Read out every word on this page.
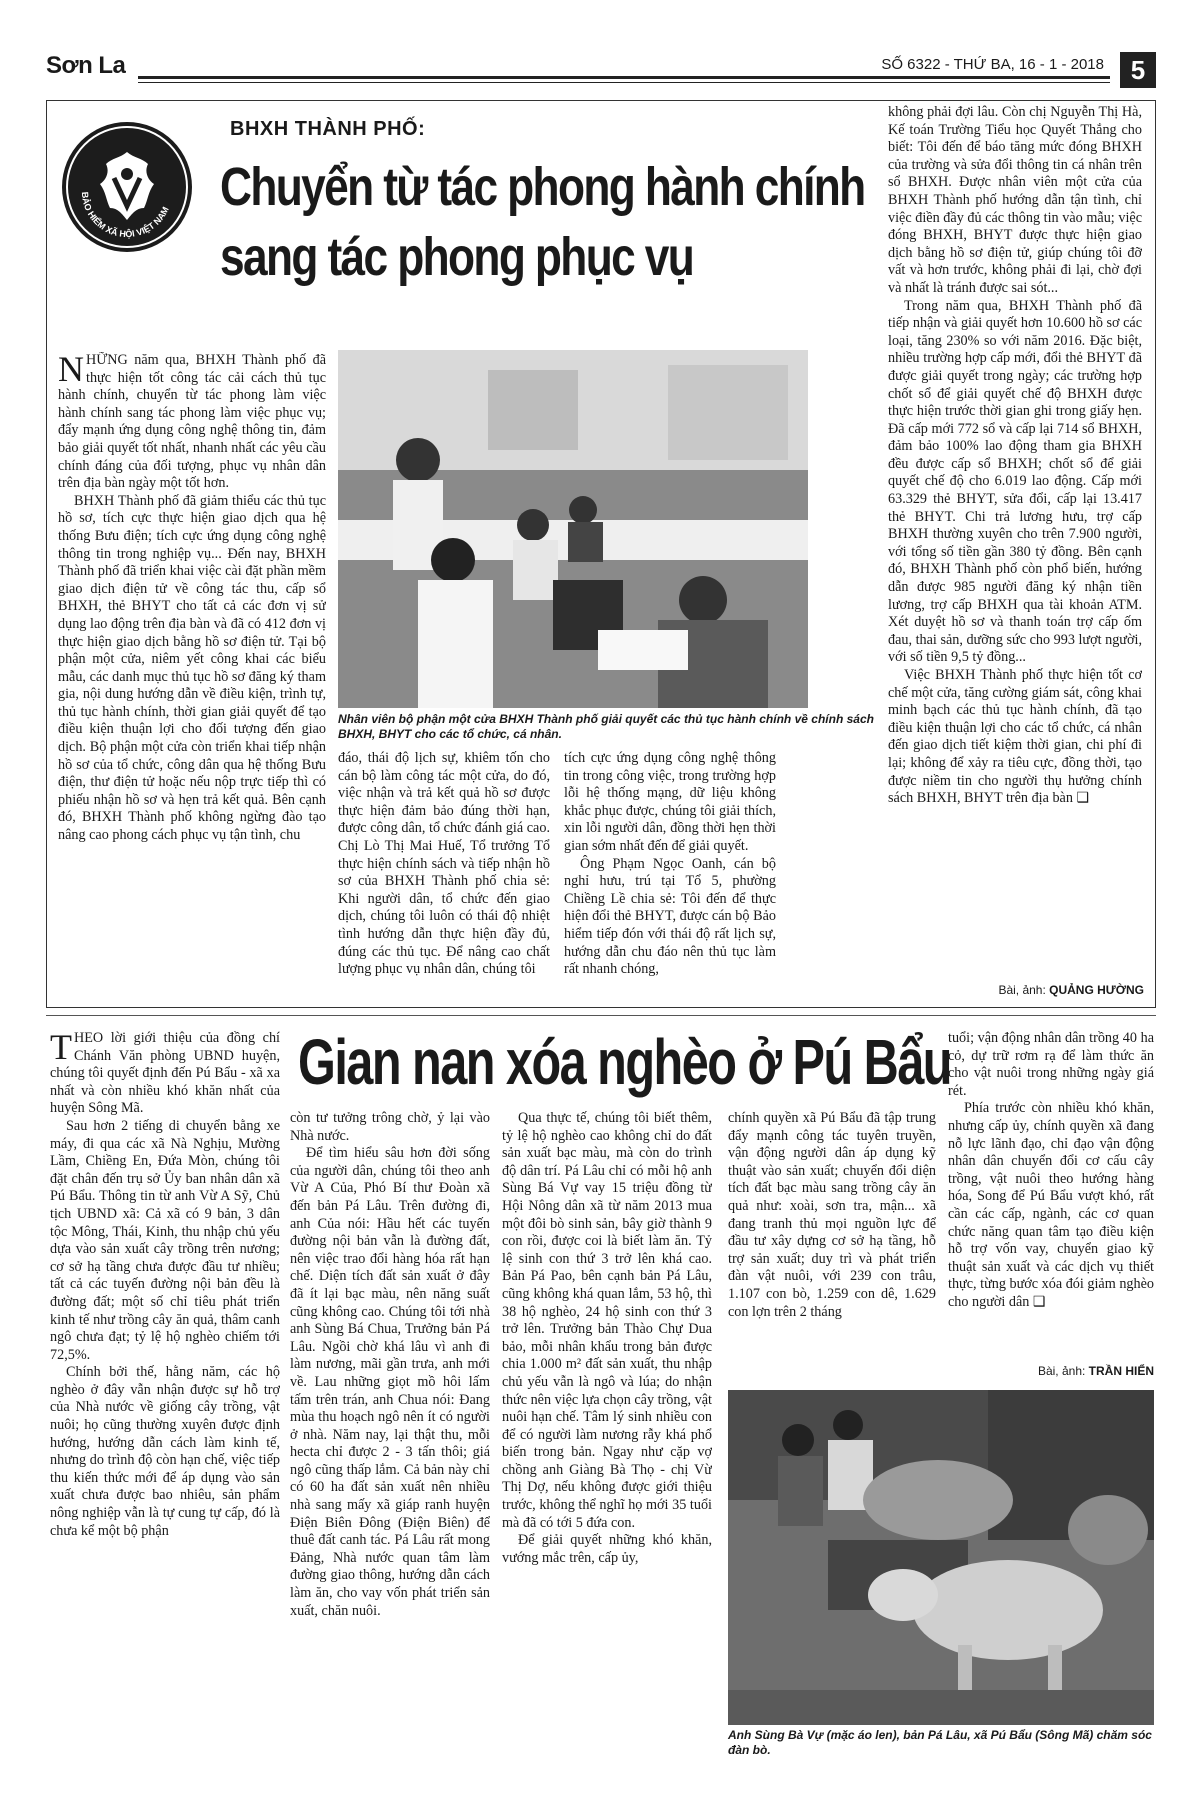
Sơn La	SỐ 6322 - THỨ BA, 16 - 1 - 2018	5
BẢO HIỂM XÃ HỘI VIỆT NAM
BHXH THÀNH PHỐ:
Chuyển từ tác phong hành chính
sang tác phong phục vụ

NHỮNG năm qua, BHXH Thành phố đã thực hiện tốt công tác cải cách thủ tục hành chính, chuyển từ tác phong làm việc hành chính sang tác phong làm việc phục vụ; đẩy mạnh ứng dụng công nghệ thông tin, đảm bảo giải quyết tốt nhất, nhanh nhất các yêu cầu chính đáng của đối tượng, phục vụ nhân dân trên địa bàn ngày một tốt hơn.

BHXH Thành phố đã giảm thiểu các thủ tục hồ sơ, tích cực thực hiện giao dịch qua hệ thống Bưu điện; tích cực ứng dụng công nghệ thông tin trong nghiệp vụ... Đến nay, BHXH Thành phố đã triển khai việc cài đặt phần mềm giao dịch điện tử về công tác thu, cấp sổ BHXH, thẻ BHYT cho tất cả các đơn vị sử dụng lao động trên địa bàn và đã có 412 đơn vị thực hiện giao dịch bằng hồ sơ điện tử. Tại bộ phận một cửa, niêm yết công khai các biểu mẫu, các danh mục thủ tục hồ sơ đăng ký tham gia, nội dung hướng dẫn về điều kiện, trình tự, thủ tục hành chính, thời gian giải quyết để tạo điều kiện thuận lợi cho đối tượng đến giao dịch. Bộ phận một cửa còn triển khai tiếp nhận hồ sơ của tổ chức, công dân qua hệ thống Bưu điện, thư điện tử hoặc nếu nộp trực tiếp thì có phiếu nhận hồ sơ và hẹn trả kết quả. Bên cạnh đó, BHXH Thành phố không ngừng đào tạo nâng cao phong cách phục vụ tận tình, chu

Nhân viên bộ phận một cửa BHXH Thành phố giải quyết các thủ tục hành chính về chính sách BHXH, BHYT cho các tổ chức, cá nhân.

đáo, thái độ lịch sự, khiêm tốn cho cán bộ làm công tác một cửa, do đó, việc nhận và trả kết quả hồ sơ được thực hiện đảm bảo đúng thời hạn, được công dân, tổ chức đánh giá cao. Chị Lò Thị Mai Huế, Tổ trưởng Tổ thực hiện chính sách và tiếp nhận hồ sơ của BHXH Thành phố chia sẻ: Khi người dân, tổ chức đến giao dịch, chúng tôi luôn có thái độ nhiệt tình hướng dẫn thực hiện đầy đủ, đúng các thủ tục. Để nâng cao chất lượng phục vụ nhân dân, chúng tôi

tích cực ứng dụng công nghệ thông tin trong công việc, trong trường hợp lỗi hệ thống mạng, dữ liệu không khắc phục được, chúng tôi giải thích, xin lỗi người dân, đồng thời hẹn thời gian sớm nhất đến để giải quyết.

Ông Phạm Ngọc Oanh, cán bộ nghỉ hưu, trú tại Tổ 5, phường Chiềng Lề chia sẻ: Tôi đến để thực hiện đổi thẻ BHYT, được cán bộ Bảo hiểm tiếp đón với thái độ rất lịch sự, hướng dẫn chu đáo nên thủ tục làm rất nhanh chóng,

không phải đợi lâu. Còn chị Nguyễn Thị Hà, Kế toán Trường Tiểu học Quyết Thắng cho biết: Tôi đến để báo tăng mức đóng BHXH của trường và sửa đổi thông tin cá nhân trên sổ BHXH. Được nhân viên một cửa của BHXH Thành phố hướng dẫn tận tình, chỉ việc điền đầy đủ các thông tin vào mẫu; việc đóng BHXH, BHYT được thực hiện giao dịch bằng hồ sơ điện tử, giúp chúng tôi đỡ vất và hơn trước, không phải đi lại, chờ đợi và nhất là tránh được sai sót...

Trong năm qua, BHXH Thành phố đã tiếp nhận và giải quyết hơn 10.600 hồ sơ các loại, tăng 230% so với năm 2016. Đặc biệt, nhiều trường hợp cấp mới, đổi thẻ BHYT đã được giải quyết trong ngày; các trường hợp chốt sổ để giải quyết chế độ BHXH được thực hiện trước thời gian ghi trong giấy hẹn. Đã cấp mới 772 sổ và cấp lại 714 sổ BHXH, đảm bảo 100% lao động tham gia BHXH đều được cấp sổ BHXH; chốt sổ để giải quyết chế độ cho 6.019 lao động. Cấp mới 63.329 thẻ BHYT, sửa đổi, cấp lại 13.417 thẻ BHYT. Chi trả lương hưu, trợ cấp BHXH thường xuyên cho trên 7.900 người, với tổng số tiền gần 380 tỷ đồng. Bên cạnh đó, BHXH Thành phố còn phổ biến, hướng dẫn được 985 người đăng ký nhận tiền lương, trợ cấp BHXH qua tài khoản ATM. Xét duyệt hồ sơ và thanh toán trợ cấp ốm đau, thai sản, dưỡng sức cho 993 lượt người, với số tiền 9,5 tỷ đồng...

Việc BHXH Thành phố thực hiện tốt cơ chế một cửa, tăng cường giám sát, công khai minh bạch các thủ tục hành chính, đã tạo điều kiện thuận lợi cho các tổ chức, cá nhân đến giao dịch tiết kiệm thời gian, chi phí đi lại; không để xảy ra tiêu cực, đồng thời, tạo được niềm tin cho người thụ hưởng chính sách BHXH, BHYT trên địa bàn ❑

Bài, ảnh: QUẢNG HƯỜNG
Gian nan xóa nghèo ở Pú Bẩu

THEO lời giới thiệu của đồng chí Chánh Văn phòng UBND huyện, chúng tôi quyết định đến Pú Bẩu - xã xa nhất và còn nhiều khó khăn nhất của huyện Sông Mã.

Sau hơn 2 tiếng di chuyển bằng xe máy, đi qua các xã Nà Nghịu, Mường Lầm, Chiềng En, Đứa Mòn, chúng tôi đặt chân đến trụ sở Ủy ban nhân dân xã Pú Bẩu. Thông tin từ anh Vừ A Sỹ, Chủ tịch UBND xã: Cả xã có 9 bản, 3 dân tộc Mông, Thái, Kinh, thu nhập chủ yếu dựa vào sản xuất cây trồng trên nương; cơ sở hạ tầng chưa được đầu tư nhiều; tất cả các tuyến đường nội bản đều là đường đất; một số chỉ tiêu phát triển kinh tế như trồng cây ăn quả, thâm canh ngô chưa đạt; tỷ lệ hộ nghèo chiếm tới 72,5%.

Chính bởi thế, hằng năm, các hộ nghèo ở đây vẫn nhận được sự hỗ trợ của Nhà nước về giống cây trồng, vật nuôi; họ cũng thường xuyên được định hướng, hướng dẫn cách làm kinh tế, nhưng do trình độ còn hạn chế, việc tiếp thu kiến thức mới để áp dụng vào sản xuất chưa được bao nhiêu, sản phẩm nông nghiệp vẫn là tự cung tự cấp, đó là chưa kể một bộ phận

còn tư tưởng trông chờ, ỷ lại vào Nhà nước.

Để tìm hiểu sâu hơn đời sống của người dân, chúng tôi theo anh Vừ A Của, Phó Bí thư Đoàn xã đến bản Pá Lâu. Trên đường đi, anh Của nói: Hầu hết các tuyến đường nội bản vẫn là đường đất, nên việc trao đổi hàng hóa rất hạn chế. Diện tích đất sản xuất ở đây đã ít lại bạc màu, nên năng suất cũng không cao. Chúng tôi tới nhà anh Sùng Bá Chua, Trưởng bản Pá Lâu. Ngồi chờ khá lâu vì anh đi làm nương, mãi gần trưa, anh mới về. Lau những giọt mồ hôi lấm tấm trên trán, anh Chua nói: Đang mùa thu hoạch ngô nên ít có người ở nhà. Năm nay, lại thật thu, mỗi hecta chỉ được 2 - 3 tấn thôi; giá ngô cũng thấp lắm. Cả bản này chỉ có 60 ha đất sản xuất nên nhiều nhà sang mấy xã giáp ranh huyện Điện Biên Đông (Điện Biên) để thuê đất canh tác. Pá Lâu rất mong Đảng, Nhà nước quan tâm làm đường giao thông, hướng dẫn cách làm ăn, cho vay vốn phát triển sản xuất, chăn nuôi.

Qua thực tế, chúng tôi biết thêm, tỷ lệ hộ nghèo cao không chỉ do đất sản xuất bạc màu, mà còn do trình độ dân trí. Pá Lâu chỉ có mỗi hộ anh Sùng Bá Vự vay 15 triệu đồng từ Hội Nông dân xã từ năm 2013 mua một đôi bò sinh sản, bây giờ thành 9 con rồi, được coi là biết làm ăn. Tỷ lệ sinh con thứ 3 trở lên khá cao. Bản Pá Pao, bên cạnh bản Pá Lâu, cũng không khá quan lắm, 53 hộ, thì 38 hộ nghèo, 24 hộ sinh con thứ 3 trở lên. Trưởng bản Thào Chự Dua bảo, mỗi nhân khẩu trong bản được chia 1.000 m² đất sản xuất, thu nhập chủ yếu vẫn là ngô và lúa; do nhận thức nên việc lựa chọn cây trồng, vật nuôi hạn chế. Tâm lý sinh nhiều con để có người làm nương rẫy khá phổ biến trong bản. Ngay như cặp vợ chồng anh Giàng Bà Thọ - chị Vừ Thị Dợ, nếu không được giới thiệu trước, không thể nghĩ họ mới 35 tuổi mà đã có tới 5 đứa con.

Để giải quyết những khó khăn, vướng mắc trên, cấp ủy,

chính quyền xã Pú Bẩu đã tập trung đẩy mạnh công tác tuyên truyền, vận động người dân áp dụng kỹ thuật vào sản xuất; chuyển đổi diện tích đất bạc màu sang trồng cây ăn quả như: xoài, sơn tra, mận... xã đang tranh thủ mọi nguồn lực để đầu tư xây dựng cơ sở hạ tầng, hỗ trợ sản xuất; duy trì và phát triển đàn vật nuôi, với 239 con trâu, 1.107 con bò, 1.259 con dê, 1.629 con lợn trên 2 tháng

tuổi; vận động nhân dân trồng 40 ha cỏ, dự trữ rơm rạ để làm thức ăn cho vật nuôi trong những ngày giá rét.

Phía trước còn nhiều khó khăn, nhưng cấp ủy, chính quyền xã đang nỗ lực lãnh đạo, chỉ đạo vận động nhân dân chuyển đổi cơ cấu cây trồng, vật nuôi theo hướng hàng hóa, Song để Pú Bẩu vượt khó, rất cần các cấp, ngành, các cơ quan chức năng quan tâm tạo điều kiện hỗ trợ vốn vay, chuyển giao kỹ thuật sản xuất và các dịch vụ thiết thực, từng bước xóa đói giảm nghèo cho người dân ❑

Bài, ảnh: TRẦN HIỂN
Anh Sùng Bà Vự (mặc áo len), bản Pá Lâu, xã Pú Bẩu (Sông Mã) chăm sóc đàn bò.
